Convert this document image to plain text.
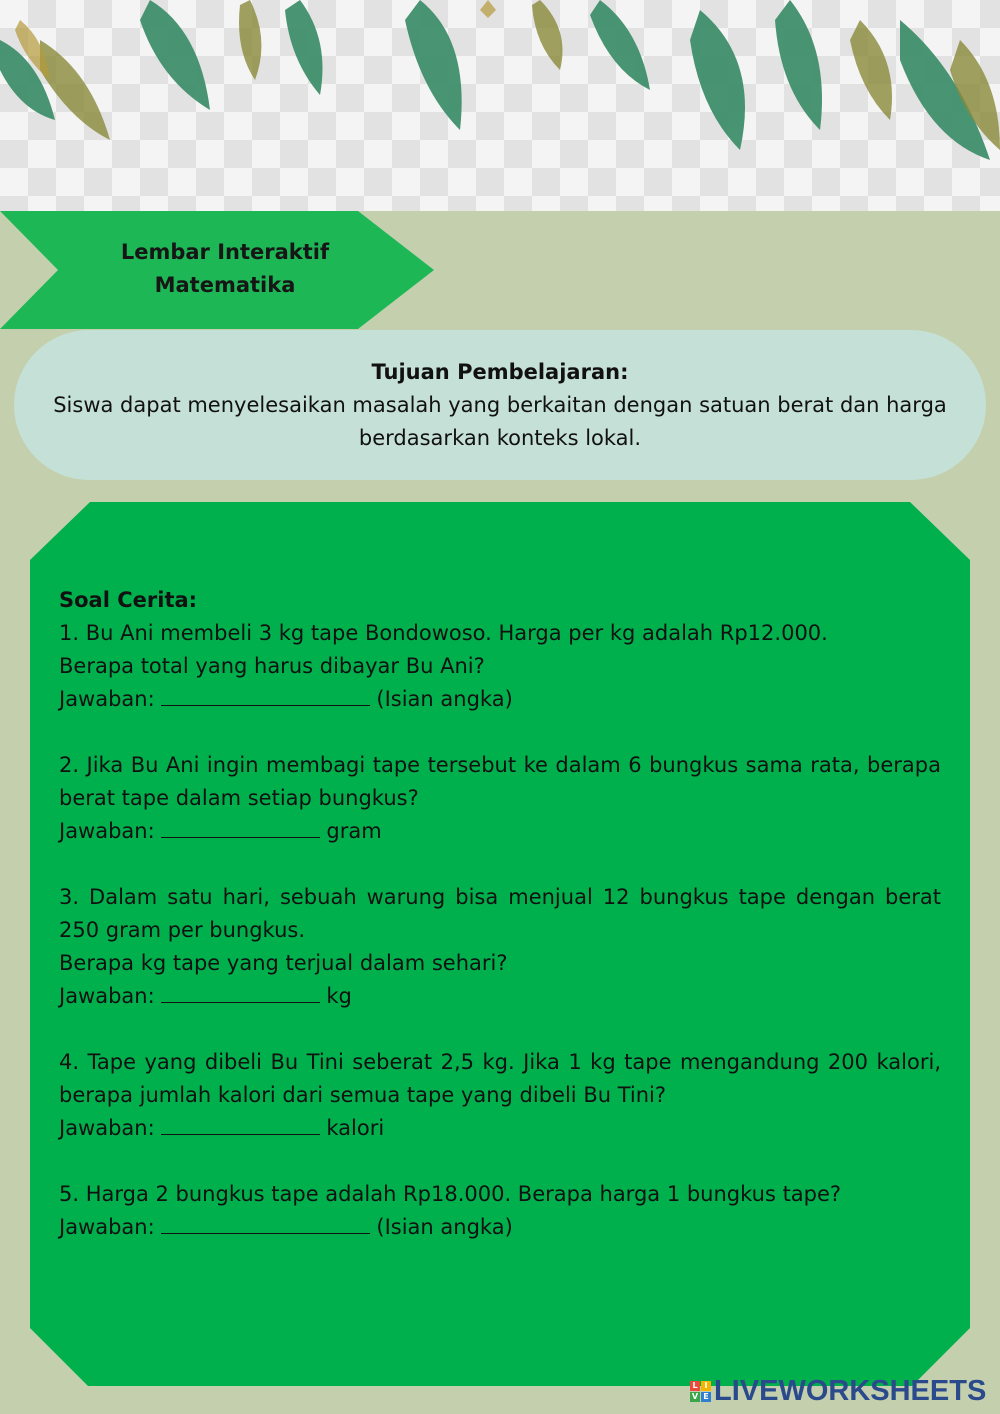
Lembar Interaktif
Matematika
Tujuan Pembelajaran:
Siswa dapat menyelesaikan masalah yang berkaitan dengan satuan berat dan harga berdasarkan konteks lokal.

Soal Cerita:

1. Bu Ani membeli 3 kg tape Bondowoso. Harga per kg adalah Rp12.000.

Berapa total yang harus dibayar Bu Ani?

Jawaban:	(Isian angka)

2. Jika Bu Ani ingin membagi tape tersebut ke dalam 6 bungkus sama rata, berapa berat tape dalam setiap bungkus?

Jawaban:	gram

3. Dalam satu hari, sebuah warung bisa menjual 12 bungkus tape dengan berat 250 gram per bungkus.

Berapa kg tape yang terjual dalam sehari?

Jawaban:	kg

4. Tape yang dibeli Bu Tini seberat 2,5 kg. Jika 1 kg tape mengandung 200 kalori, berapa jumlah kalori dari semua tape yang dibeli Bu Tini?

Jawaban:	kalori

5. Harga 2 bungkus tape adalah Rp18.000. Berapa harga 1 bungkus tape?

Jawaban:	(Isian angka)

L I
V E LIVEWORKSHEETS
